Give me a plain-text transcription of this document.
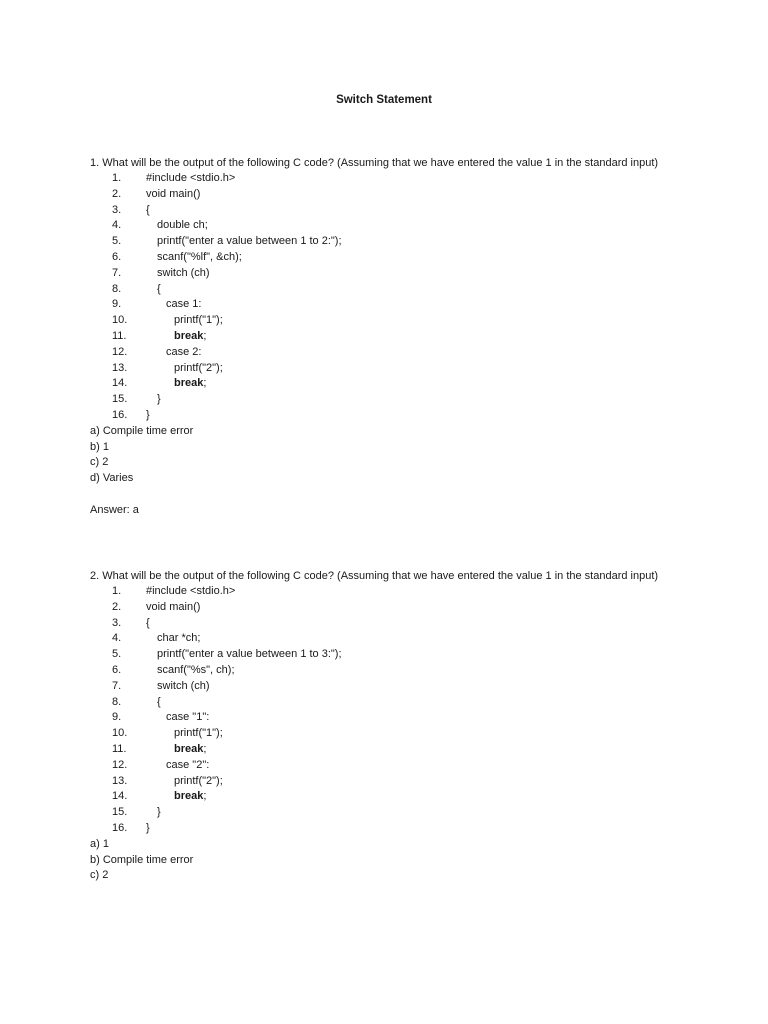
Switch Statement

1. What will be the output of the following C code? (Assuming that we have entered the value 1 in the standard input)

1.	#include <stdio.h>
2.	void main()
3.	{
4.	double ch;
5.	printf("enter a value between 1 to 2:");
6.	scanf("%lf", &ch);
7.	switch (ch)
8.	{
9.	case 1:
10.	printf("1");
11.	break;
12.	case 2:
13.	printf("2");
14.	break;
15.	}
16.	}

a) Compile time error

b) 1

c) 2

d) Varies

Answer: a

2. What will be the output of the following C code? (Assuming that we have entered the value 1 in the standard input)

1.	#include <stdio.h>
2.	void main()
3.	{
4.	char *ch;
5.	printf("enter a value between 1 to 3:");
6.	scanf("%s", ch);
7.	switch (ch)
8.	{
9.	case "1":
10.	printf("1");
11.	break;
12.	case "2":
13.	printf("2");
14.	break;
15.	}
16.	}

a) 1

b) Compile time error

c) 2
